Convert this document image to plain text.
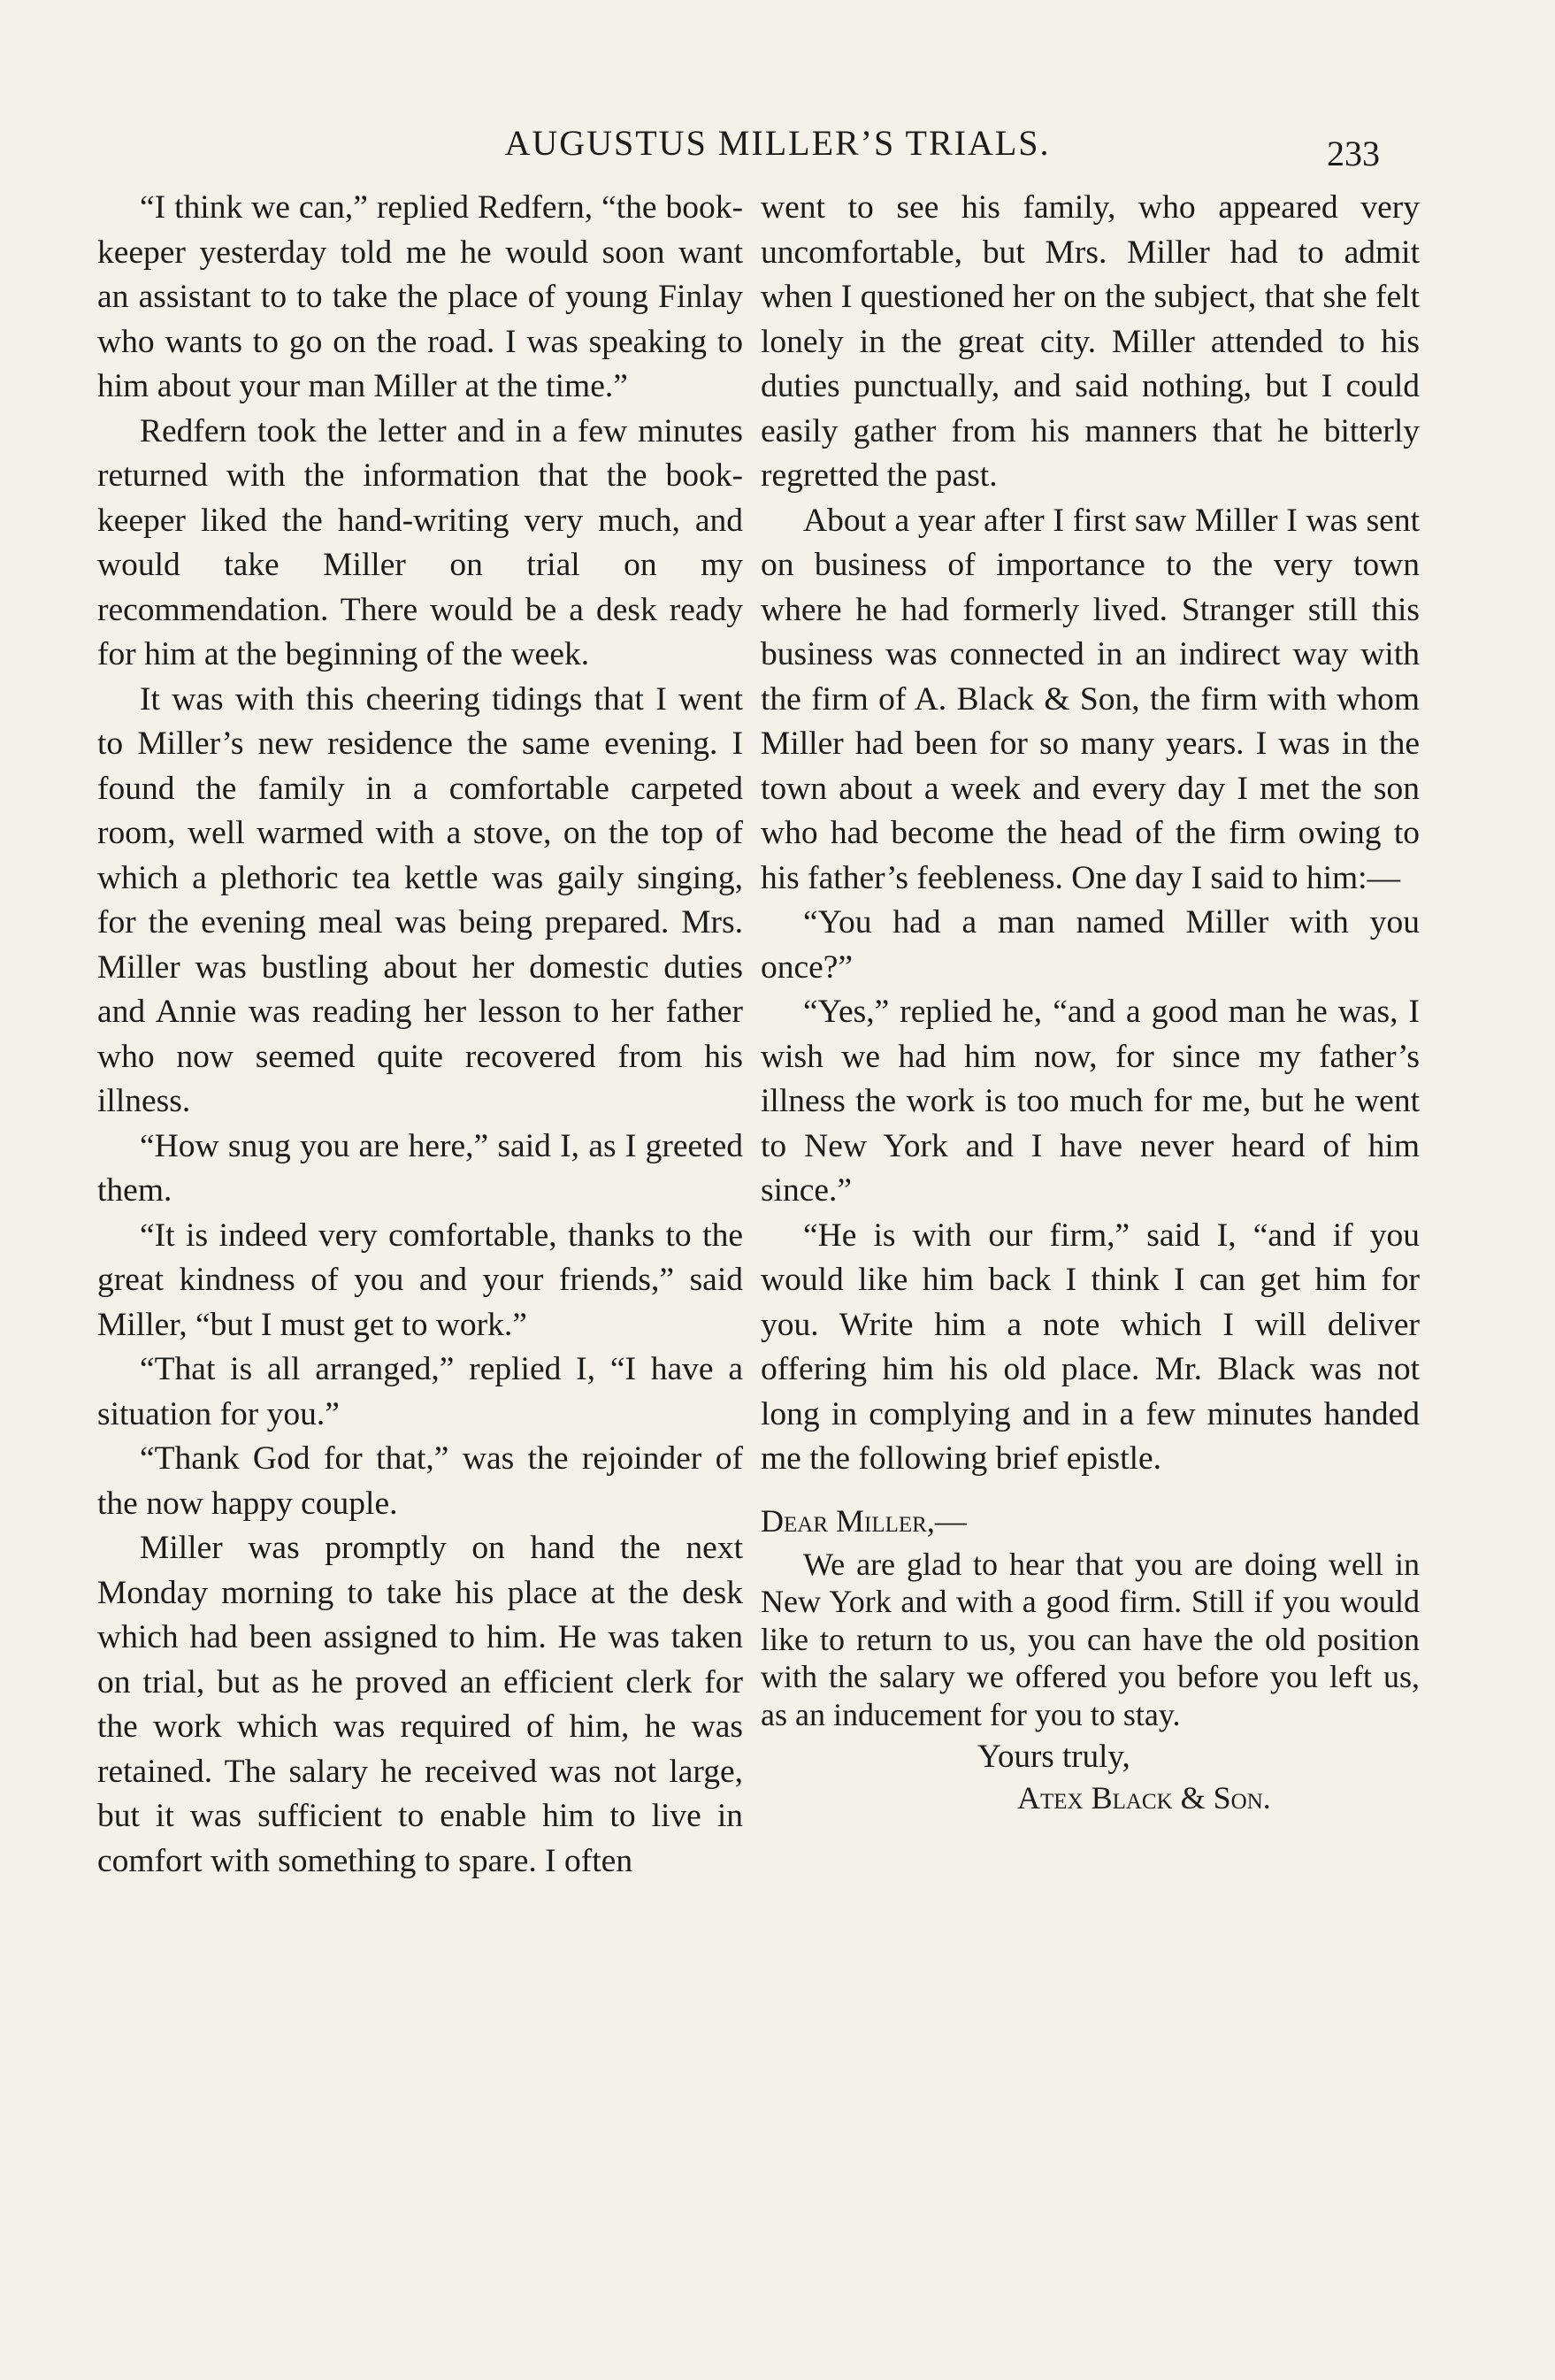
AUGUSTUS MILLER’S TRIALS.	233

“I think we can,” replied Redfern, “the book-keeper yesterday told me he would soon want an assistant to to take the place of young Finlay who wants to go on the road. I was speaking to him about your man Miller at the time.”

Redfern took the letter and in a few minutes returned with the information that the book-keeper liked the hand-writing very much, and would take Miller on trial on my recommendation. There would be a desk ready for him at the beginning of the week.

It was with this cheering tidings that I went to Miller’s new residence the same evening. I found the family in a comfortable carpeted room, well warmed with a stove, on the top of which a plethoric tea kettle was gaily singing, for the evening meal was being prepared. Mrs. Miller was bustling about her domestic duties and Annie was reading her lesson to her father who now seemed quite recovered from his illness.

“How snug you are here,” said I, as I greeted them.

“It is indeed very comfortable, thanks to the great kindness of you and your friends,” said Miller, “but I must get to work.”

“That is all arranged,” replied I, “I have a situation for you.”

“Thank God for that,” was the rejoinder of the now happy couple.

Miller was promptly on hand the next Monday morning to take his place at the desk which had been assigned to him. He was taken on trial, but as he proved an efficient clerk for the work which was required of him, he was retained. The salary he received was not large, but it was sufficient to enable him to live in comfort with something to spare. I often

went to see his family, who appeared very uncomfortable, but Mrs. Miller had to admit when I questioned her on the subject, that she felt lonely in the great city. Miller attended to his duties punctually, and said nothing, but I could easily gather from his manners that he bitterly regretted the past.

About a year after I first saw Miller I was sent on business of importance to the very town where he had formerly lived. Stranger still this business was connected in an indirect way with the firm of A. Black & Son, the firm with whom Miller had been for so many years. I was in the town about a week and every day I met the son who had become the head of the firm owing to his father’s feebleness. One day I said to him:—

“You had a man named Miller with you once?”

“Yes,” replied he, “and a good man he was, I wish we had him now, for since my father’s illness the work is too much for me, but he went to New York and I have never heard of him since.”

“He is with our firm,” said I, “and if you would like him back I think I can get him for you. Write him a note which I will deliver offering him his old place. Mr. Black was not long in complying and in a few minutes handed me the following brief epistle.

Dear Miller,—

We are glad to hear that you are doing well in New York and with a good firm. Still if you would like to return to us, you can have the old position with the salary we offered you before you left us, as an inducement for you to stay.

Yours truly,
Atex Black & Son.
